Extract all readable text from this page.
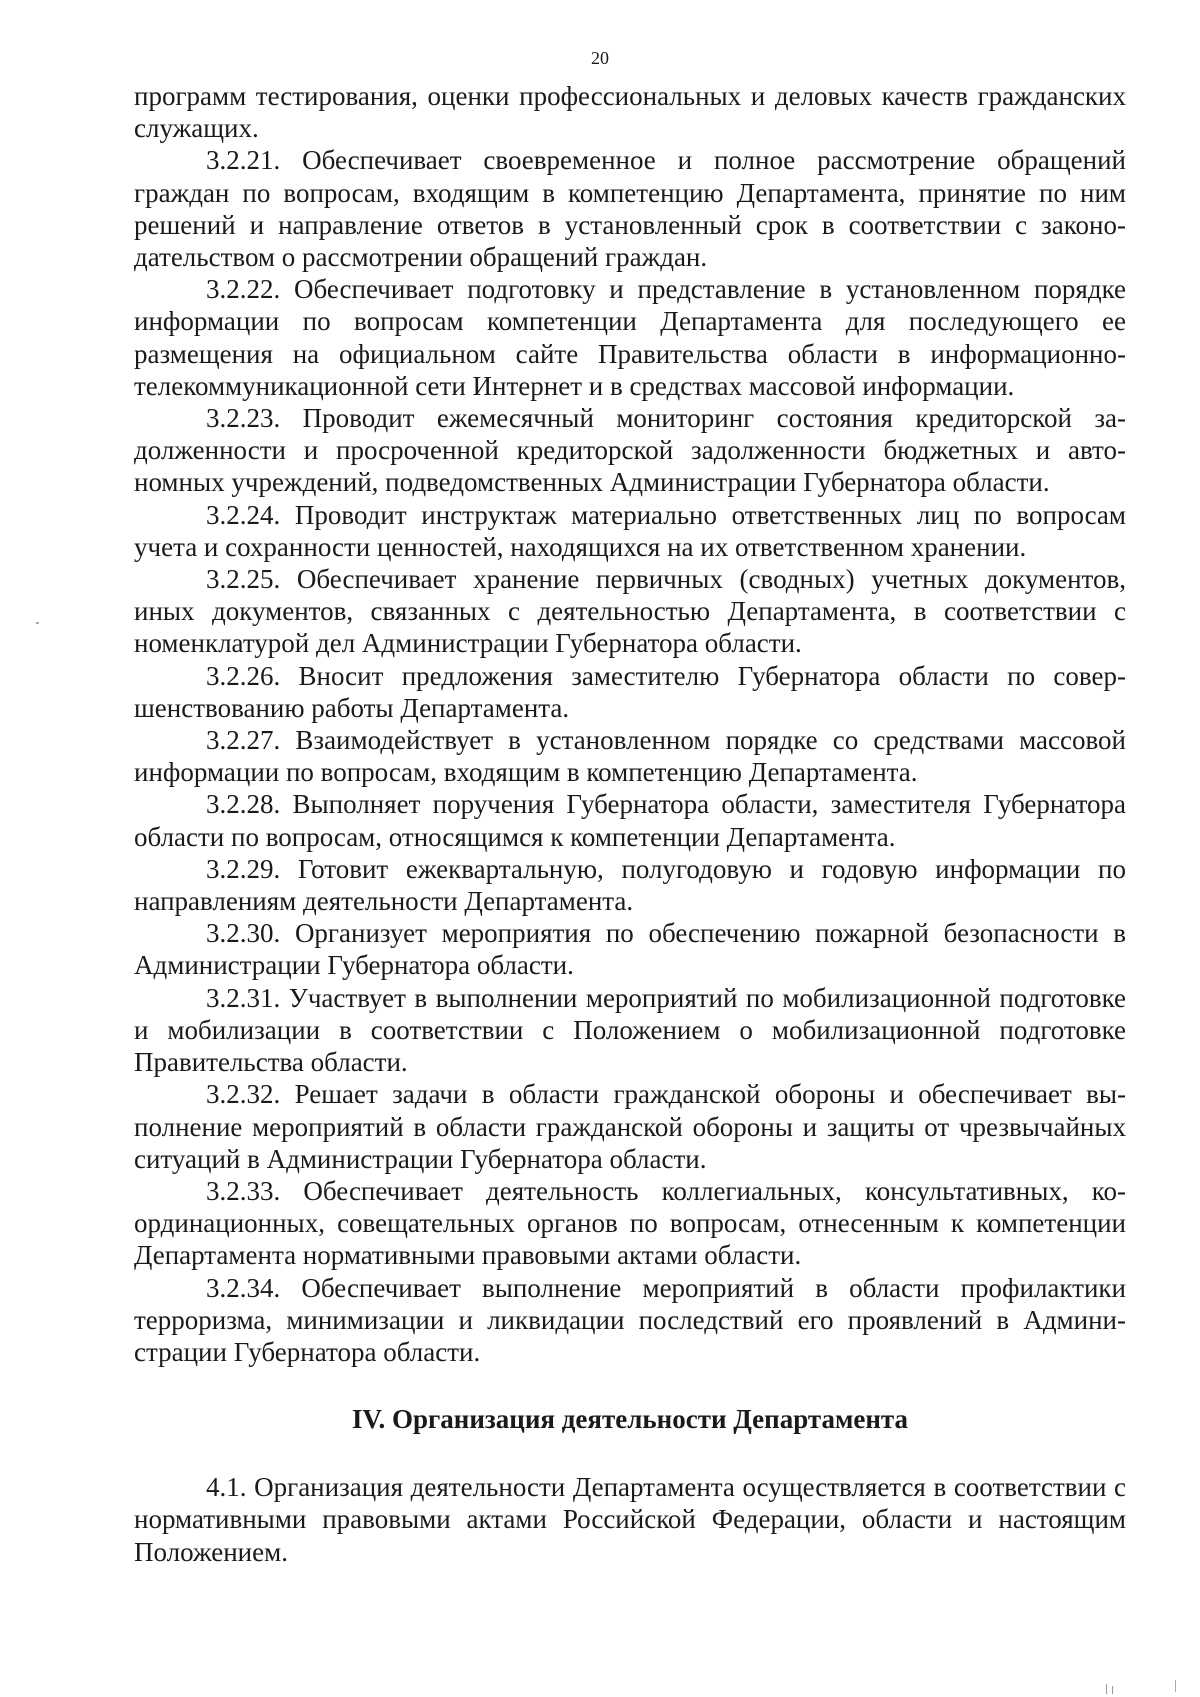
20

программ тестирования, оценки профессиональных и деловых качеств гражданских служащих.

3.2.21. Обеспечивает своевременное и полное рассмотрение обращений граждан по вопросам, входящим в компетенцию Департамента, принятие по ним решений и направление ответов в установленный срок в соответствии с законодательством о рассмотрении обращений граждан.

3.2.22. Обеспечивает подготовку и представление в установленном порядке информации по вопросам компетенции Департамента для последующего ее размещения на официальном сайте Правительства области в информационно-телекоммуникационной сети Интернет и в средствах массовой информации.

3.2.23. Проводит ежемесячный мониторинг состояния кредиторской задолженности и просроченной кредиторской задолженности бюджетных и автономных учреждений, подведомственных Администрации Губернатора области.

3.2.24. Проводит инструктаж материально ответственных лиц по вопросам учета и сохранности ценностей, находящихся на их ответственном хранении.

3.2.25. Обеспечивает хранение первичных (сводных) учетных документов, иных документов, связанных с деятельностью Департамента, в соответствии с номенклатурой дел Администрации Губернатора области.

3.2.26. Вносит предложения заместителю Губернатора области по совершенствованию работы Департамента.

3.2.27. Взаимодействует в установленном порядке со средствами массовой информации по вопросам, входящим в компетенцию Департамента.

3.2.28. Выполняет поручения Губернатора области, заместителя Губернатора области по вопросам, относящимся к компетенции Департамента.

3.2.29. Готовит ежеквартальную, полугодовую и годовую информации по направлениям деятельности Департамента.

3.2.30. Организует мероприятия по обеспечению пожарной безопасности в Администрации Губернатора области.

3.2.31. Участвует в выполнении мероприятий по мобилизационной подготовке и мобилизации в соответствии с Положением о мобилизационной подготовке Правительства области.

3.2.32. Решает задачи в области гражданской обороны и обеспечивает выполнение мероприятий в области гражданской обороны и защиты от чрезвычайных ситуаций в Администрации Губернатора области.

3.2.33. Обеспечивает деятельность коллегиальных, консультативных, координационных, совещательных органов по вопросам, отнесенным к компетенции Департамента нормативными правовыми актами области.

3.2.34. Обеспечивает выполнение мероприятий в области профилактики терроризма, минимизации и ликвидации последствий его проявлений в Администрации Губернатора области.

IV. Организация деятельности Департамента

4.1. Организация деятельности Департамента осуществляется в соответствии с нормативными правовыми актами Российской Федерации, области и настоящим Положением.
